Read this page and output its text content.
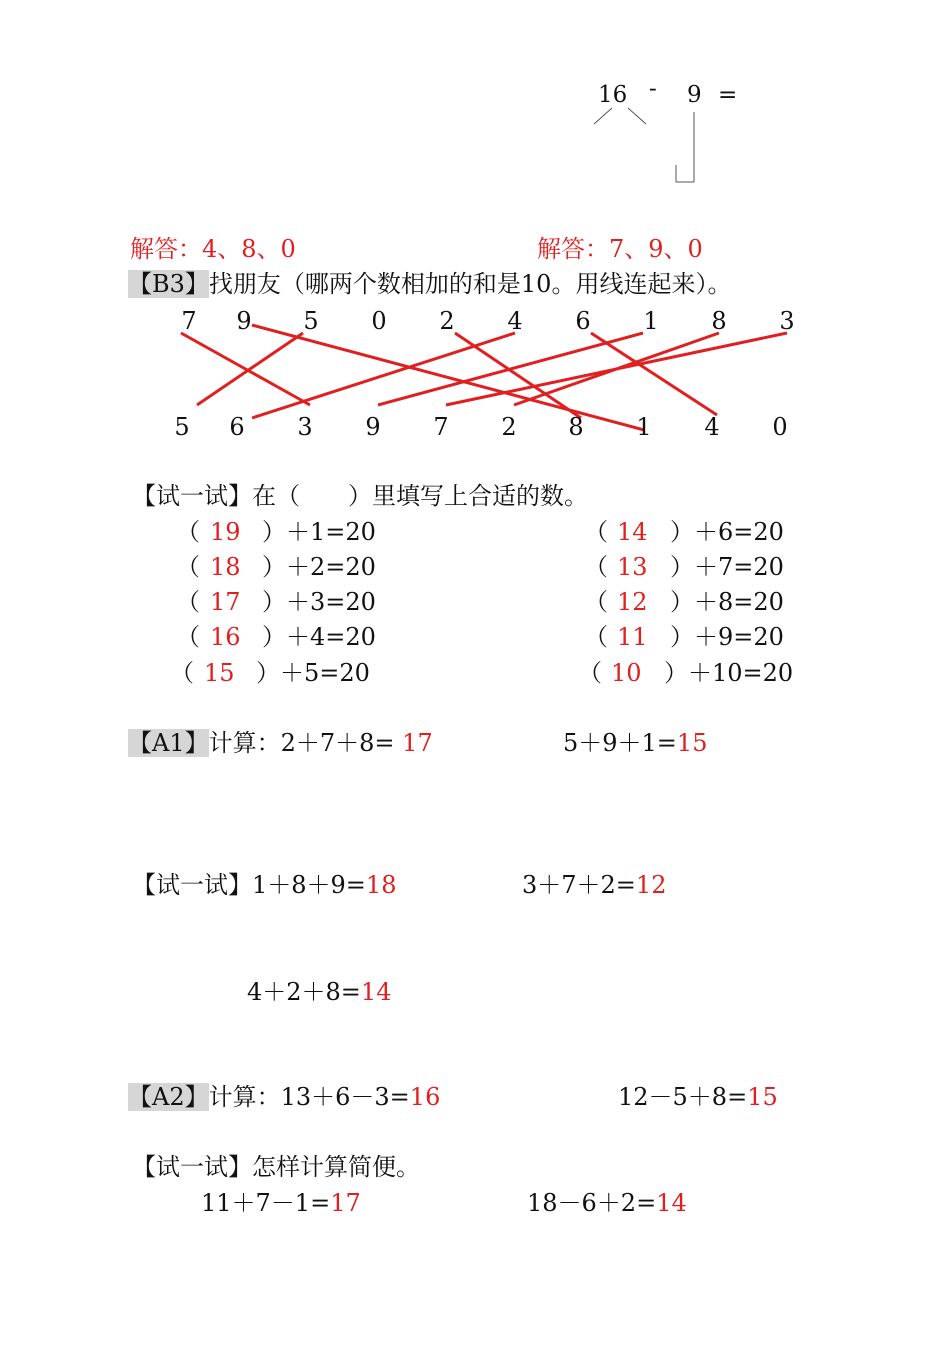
16 - 9 =
解答：4、8、0	解答：7、9、0
【B3】找朋友（哪两个数相加的和是10。用线连起来）。
7	9	5	0	2	4	6	1	8	3
5	6	3	9	7	2	8	1	4	0
【试一试】在（　　）里填写上合适的数。
（ 19 ）＋1=20
（ 18 ）＋2=20
（ 17 ）＋3=20
（ 16 ）＋4=20
（ 15 ）＋5=20
（ 14 ）＋6=20
（ 13 ）＋7=20
（ 12 ）＋8=20
（ 11 ）＋9=20
（ 10 ）＋10=20
【A1】计算：2＋7＋8= 17	5＋9＋1=15
【试一试】1＋8＋9=18	3＋7＋2=12
4＋2＋8=14
【A2】计算：13＋6－3=16	12－5＋8=15
【试一试】怎样计算简便。
11＋7－1=17	18－6＋2=14
